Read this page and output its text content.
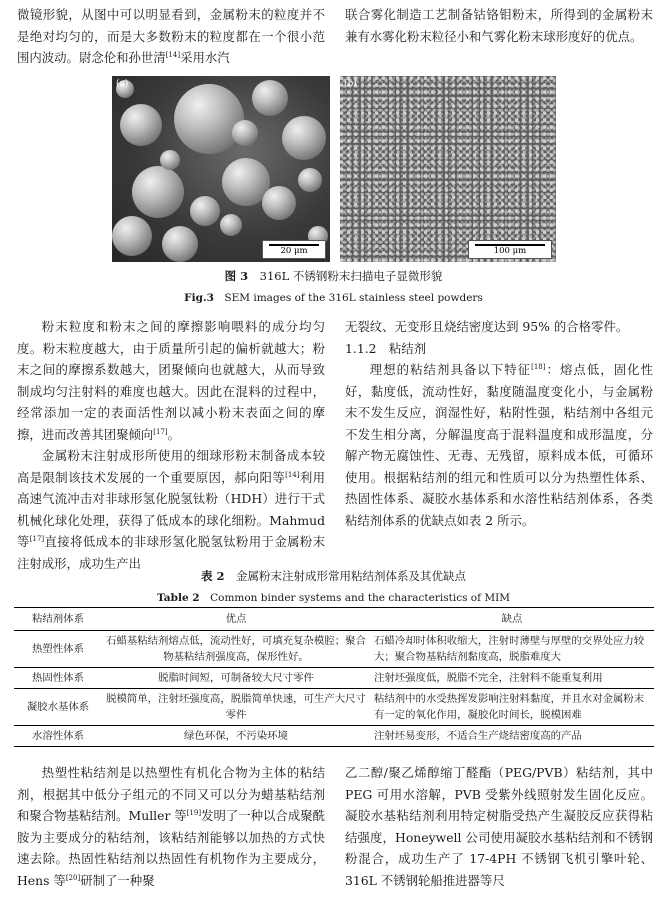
微镜形貌，从图中可以明显看到，金属粉末的粒度并不是绝对均匀的，而是大多数粉末的粒度都在一个很小范围内波动。尉念伦和孙世清[14]采用水汽

联合雾化制造工艺制备钴铬钼粉末，所得到的金属粉末兼有水雾化粉末粒径小和气雾化粉末球形度好的优点。

(a)
20 μm
(b)
100 μm
图 3　 316L 不锈钢粉末扫描电子显微形貌
Fig.3　 SEM images of the 316L stainless steel powders

粉末粒度和粉末之间的摩擦影响喂料的成分均匀度。粉末粒度越大，由于质量所引起的偏析就越大；粉末之间的摩擦系数越大，团聚倾向也就越大，从而导致制成均匀注射料的难度也越大。因此在混料的过程中，经常添加一定的表面活性剂以减小粉末表面之间的摩擦，进而改善其团聚倾向[17]。

金属粉末注射成形所使用的细球形粉末制备成本较高是限制该技术发展的一个重要原因，郝向阳等[14]利用高速气流冲击对非球形氢化脱氢钛粉（HDH）进行干式机械化球化处理，获得了低成本的球化细粉。Mahmud 等[17]直接将低成本的非球形氢化脱氢钛粉用于金属粉末注射成形，成功生产出

无裂纹、无变形且烧结密度达到 95% 的合格零件。

1.1.2　粘结剂

理想的粘结剂具备以下特征[18]：熔点低，固化性好，黏度低，流动性好，黏度随温度变化小，与金属粉末不发生反应，润湿性好，粘附性强，粘结剂中各组元不发生相分离，分解温度高于混料温度和成形温度，分解产物无腐蚀性、无毒、无残留，原料成本低，可循环使用。根据粘结剂的组元和性质可以分为热塑性体系、热固性体系、凝胶水基体系和水溶性粘结剂体系，各类粘结剂体系的优缺点如表 2 所示。

表 2　 金属粉末注射成形常用粘结剂体系及其优缺点
Table 2　 Common binder systems and the characteristics of MIM
粘结剂体系	优点	缺点
热塑性体系	石蜡基粘结剂熔点低，流动性好，可填充复杂模腔；聚合物基粘结剂强度高，保形性好。	石蜡冷却时体积收缩大，注射时薄壁与厚壁的交界处应力较大；聚合物基粘结剂黏度高，脱脂难度大
热固性体系	脱脂时间短，可制备较大尺寸零件	注射坯强度低，脱脂不完全，注射料不能重复利用
凝胶水基体系	脱模简单，注射坯强度高，脱脂简单快速，可生产大尺寸零件	粘结剂中的水受热挥发影响注射料黏度，并且水对金属粉末有一定的氧化作用，凝胶化时间长，脱模困难
水溶性体系	绿色环保，不污染环境	注射坯易变形，不适合生产烧结密度高的产品

热塑性粘结剂是以热塑性有机化合物为主体的粘结剂，根据其中低分子组元的不同又可以分为蜡基粘结剂和聚合物基粘结剂。Muller 等[19]发明了一种以合成聚酰胺为主要成分的粘结剂，该粘结剂能够以加热的方式快速去除。热固性粘结剂以热固性有机物作为主要成分，Hens 等[20]研制了一种聚

乙二醇/聚乙烯醇缩丁醛酯（PEG/PVB）粘结剂，其中 PEG 可用水溶解，PVB 受紫外线照射发生固化反应。凝胶水基粘结剂利用特定树脂受热产生凝胶反应获得粘结强度，Honeywell 公司使用凝胶水基粘结剂和不锈钢粉混合，成功生产了 17-4PH 不锈钢飞机引擎叶轮、316L 不锈钢轮船推进器等尺
